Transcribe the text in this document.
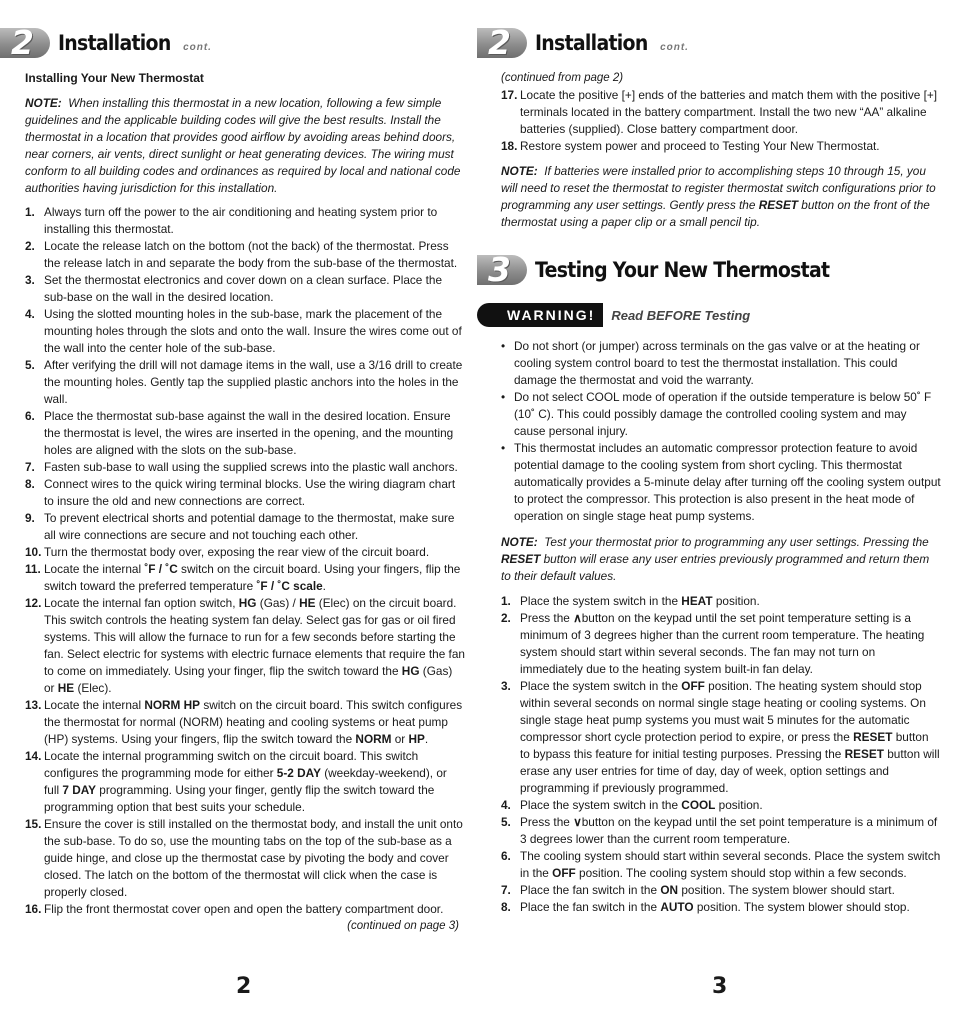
2 Installation cont.
Installing Your New Thermostat

NOTE: When installing this thermostat in a new location, following a few simple guidelines and the applicable building codes will give the best results. Install the thermostat in a location that provides good airflow by avoiding areas behind doors, near corners, air vents, direct sunlight or heat generating devices. The wiring must conform to all building codes and ordinances as required by local and national code authorities having jurisdiction for this installation.

1. Always turn off the power to the air conditioning and heating system prior to installing this thermostat.
2. Locate the release latch on the bottom (not the back) of the thermostat. Press the release latch in and separate the body from the sub-base of the thermostat.
3. Set the thermostat electronics and cover down on a clean surface. Place the sub-base on the wall in the desired location.
4. Using the slotted mounting holes in the sub-base, mark the placement of the mounting holes through the slots and onto the wall. Insure the wires come out of the wall into the center hole of the sub-base.
5. After verifying the drill will not damage items in the wall, use a 3/16 drill to create the mounting holes. Gently tap the supplied plastic anchors into the holes in the wall.
6. Place the thermostat sub-base against the wall in the desired location. Ensure the thermostat is level, the wires are inserted in the opening, and the mounting holes are aligned with the slots on the sub-base.
7. Fasten sub-base to wall using the supplied screws into the plastic wall anchors.
8. Connect wires to the quick wiring terminal blocks. Use the wiring diagram chart to insure the old and new connections are correct.
9. To prevent electrical shorts and potential damage to the thermostat, make sure all wire connections are secure and not touching each other.
10. Turn the thermostat body over, exposing the rear view of the circuit board.
11. Locate the internal ˚F / ˚C switch on the circuit board. Using your fingers, flip the switch toward the preferred temperature ˚F / ˚C scale.
12. Locate the internal fan option switch, HG (Gas) / HE (Elec) on the circuit board. This switch controls the heating system fan delay. Select gas for gas or oil fired systems. This will allow the furnace to run for a few seconds before starting the fan. Select electric for systems with electric furnace elements that require the fan to come on immediately. Using your finger, flip the switch toward the HG (Gas) or HE (Elec).
13. Locate the internal NORM HP switch on the circuit board. This switch configures the thermostat for normal (NORM) heating and cooling systems or heat pump (HP) systems. Using your fingers, flip the switch toward the NORM or HP.
14. Locate the internal programming switch on the circuit board. This switch configures the programming mode for either 5-2 DAY (weekday-weekend), or full 7 DAY programming. Using your finger, gently flip the switch toward the programming option that best suits your schedule.
15. Ensure the cover is still installed on the thermostat body, and install the unit onto the sub-base. To do so, use the mounting tabs on the top of the sub-base as a guide hinge, and close up the thermostat case by pivoting the body and cover closed. The latch on the bottom of the thermostat will click when the case is properly closed.
16. Flip the front thermostat cover open and open the battery compartment door.
(continued on page 3)
2
2 Installation cont.
(continued from page 2)
17. Locate the positive [+] ends of the batteries and match them with the positive [+] terminals located in the battery compartment. Install the two new “AA” alkaline batteries (supplied). Close battery compartment door.
18. Restore system power and proceed to Testing Your New Thermostat.

NOTE: If batteries were installed prior to accomplishing steps 10 through 15, you will need to reset the thermostat to register thermostat switch configurations prior to programming any user settings. Gently press the RESET button on the front of the thermostat using a paper clip or a small pencil tip.

3 Testing Your New Thermostat
WARNING!	Read BEFORE Testing
• Do not short (or jumper) across terminals on the gas valve or at the heating or cooling system control board to test the thermostat installation. This could damage the thermostat and void the warranty.
• Do not select COOL mode of operation if the outside temperature is below 50˚ F (10˚ C). This could possibly damage the controlled cooling system and may cause personal injury.
• This thermostat includes an automatic compressor protection feature to avoid potential damage to the cooling system from short cycling. This thermostat automatically provides a 5-minute delay after turning off the cooling system output to protect the compressor. This protection is also present in the heat mode of operation on single stage heat pump systems.

NOTE: Test your thermostat prior to programming any user settings. Pressing the RESET button will erase any user entries previously programmed and return them to their default values.

1. Place the system switch in the HEAT position.
2. Press the ∧button on the keypad until the set point temperature setting is a minimum of 3 degrees higher than the current room temperature. The heating system should start within several seconds. The fan may not turn on immediately due to the heating system built-in fan delay.
3. Place the system switch in the OFF position. The heating system should stop within several seconds on normal single stage heating or cooling systems. On single stage heat pump systems you must wait 5 minutes for the automatic compressor short cycle protection period to expire, or press the RESET button to bypass this feature for initial testing purposes. Pressing the RESET button will erase any user entries for time of day, day of week, option settings and programming if previously programmed.
4. Place the system switch in the COOL position.
5. Press the ∨button on the keypad until the set point temperature is a minimum of 3 degrees lower than the current room temperature.
6. The cooling system should start within several seconds. Place the system switch in the OFF position. The cooling system should stop within a few seconds.
7. Place the fan switch in the ON position. The system blower should start.
8. Place the fan switch in the AUTO position. The system blower should stop.
3
